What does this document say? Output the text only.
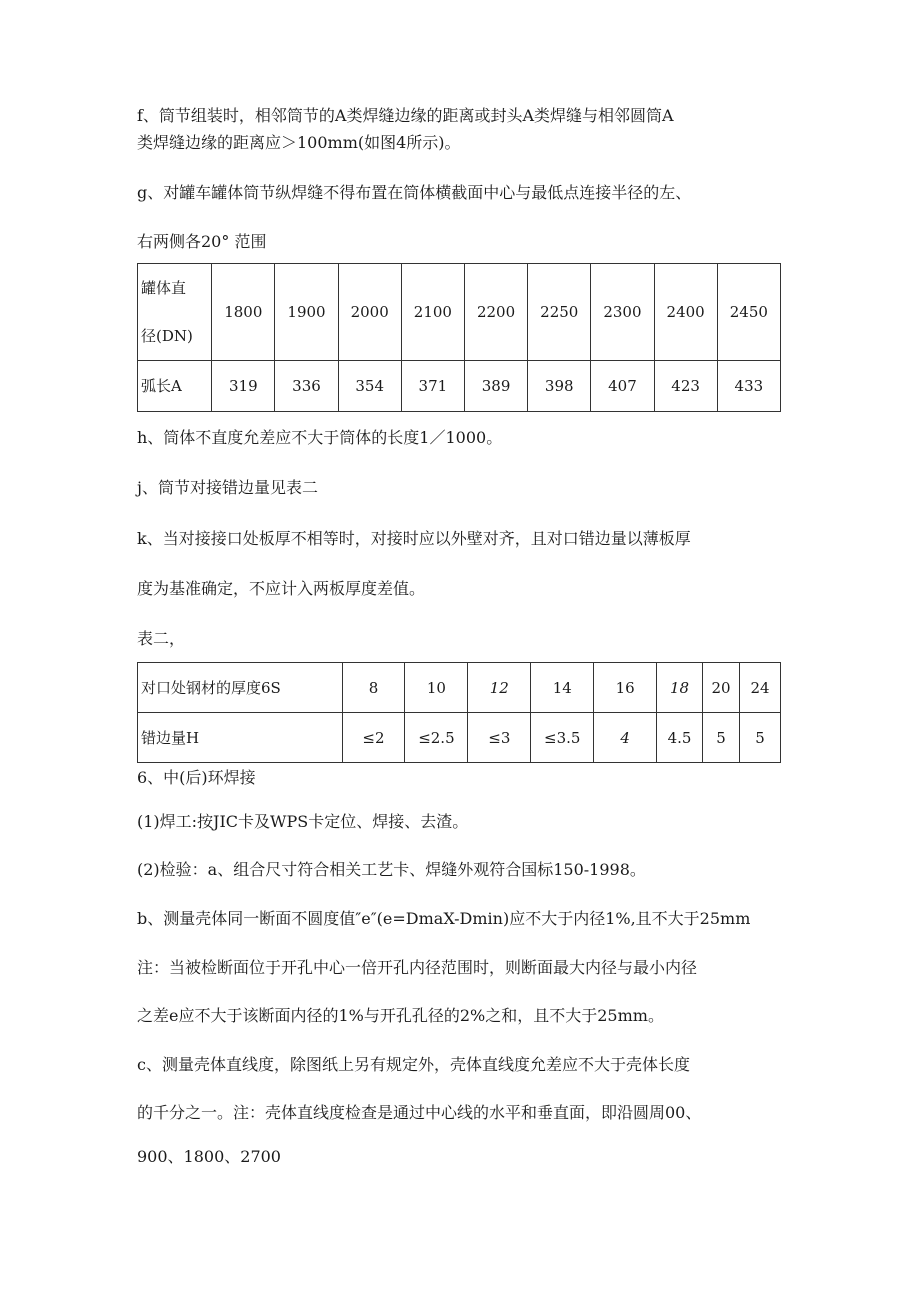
f、筒节组装时，相邻筒节的A类焊缝边缘的距离或封头A类焊缝与相邻圆筒A
类焊缝边缘的距离应＞100mm(如图4所示)。
g、对罐车罐体筒节纵焊缝不得布置在筒体横截面中心与最低点连接半径的左、
右两侧各20° 范围
罐体直
径(DN)	1800	1900	2000	2100	2200	2250	2300	2400	2450
弧长A	319	336	354	371	389	398	407	423	433
h、筒体不直度允差应不大于筒体的长度1／1000。
j、筒节对接错边量见表二
k、当对接接口处板厚不相等时，对接时应以外壁对齐，且对口错边量以薄板厚
度为基准确定，不应计入两板厚度差值。
表二，
对口处钢材的厚度6S	8	10	12	14	16	18	20	24
错边量H	≤2	≤2.5	≤3	≤3.5	4	4.5	5	5
6、中(后)环焊接
(1)焊工:按JIC卡及WPS卡定位、焊接、去渣。
(2)检验：a、组合尺寸符合相关工艺卡、焊缝外观符合国标150-1998。
b、测量壳体同一断面不圆度值″e″(e=DmaX-Dmin)应不大于内径1%,且不大于25mm
注：当被检断面位于开孔中心一倍开孔内径范围时，则断面最大内径与最小内径
之差e应不大于该断面内径的1%与开孔孔径的2%之和，且不大于25mm。
c、测量壳体直线度，除图纸上另有规定外，壳体直线度允差应不大于壳体长度
的千分之一。注：壳体直线度检查是通过中心线的水平和垂直面，即沿圆周00、
900、1800、2700
